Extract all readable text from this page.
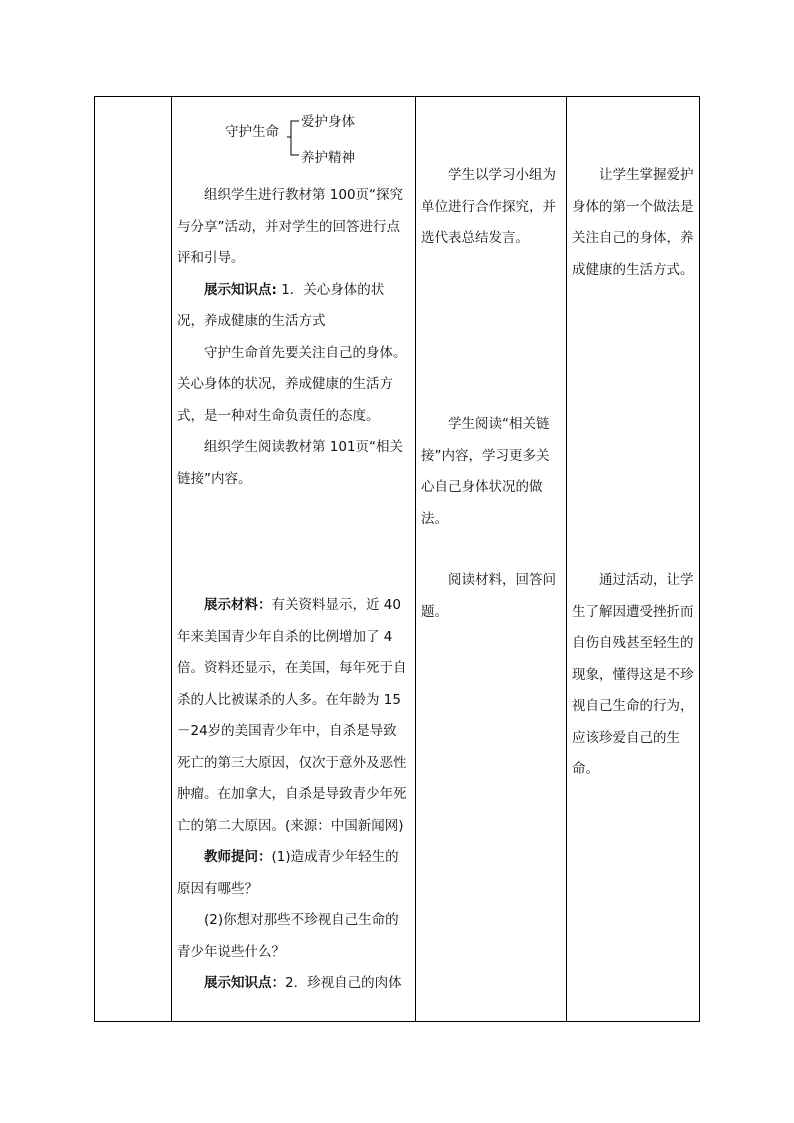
守护生命
爱护身体
养护精神

组织学生进行教材第 100页“探究与分享”活动，并对学生的回答进行点评和引导。

展示知识点: 1．关心身体的状况，养成健康的生活方式

守护生命首先要关注自己的身体。关心身体的状况，养成健康的生活方式，是一种对生命负责任的态度。

组织学生阅读教材第 101页“相关链接”内容。

展示材料：有关资料显示，近 40年来美国青少年自杀的比例增加了 4倍。资料还显示，在美国，每年死于自杀的人比被谋杀的人多。在年龄为 15－24岁的美国青少年中，自杀是导致死亡的第三大原因，仅次于意外及恶性肿瘤。在加拿大，自杀是导致青少年死亡的第二大原因。(来源：中国新闻网)

教师提问：(1)造成青少年轻生的原因有哪些？

(2)你想对那些不珍视自己生命的青少年说些什么？

展示知识点：2．珍视自己的肉体

学生以学习小组为单位进行合作探究，并选代表总结发言。

学生阅读“相关链接”内容，学习更多关心自己身体状况的做法。

阅读材料，回答问题。

让学生掌握爱护身体的第一个做法是关注自己的身体，养成健康的生活方式。

通过活动，让学生了解因遭受挫折而自伤自残甚至轻生的现象，懂得这是不珍视自己生命的行为，应该珍爱自己的生命。
